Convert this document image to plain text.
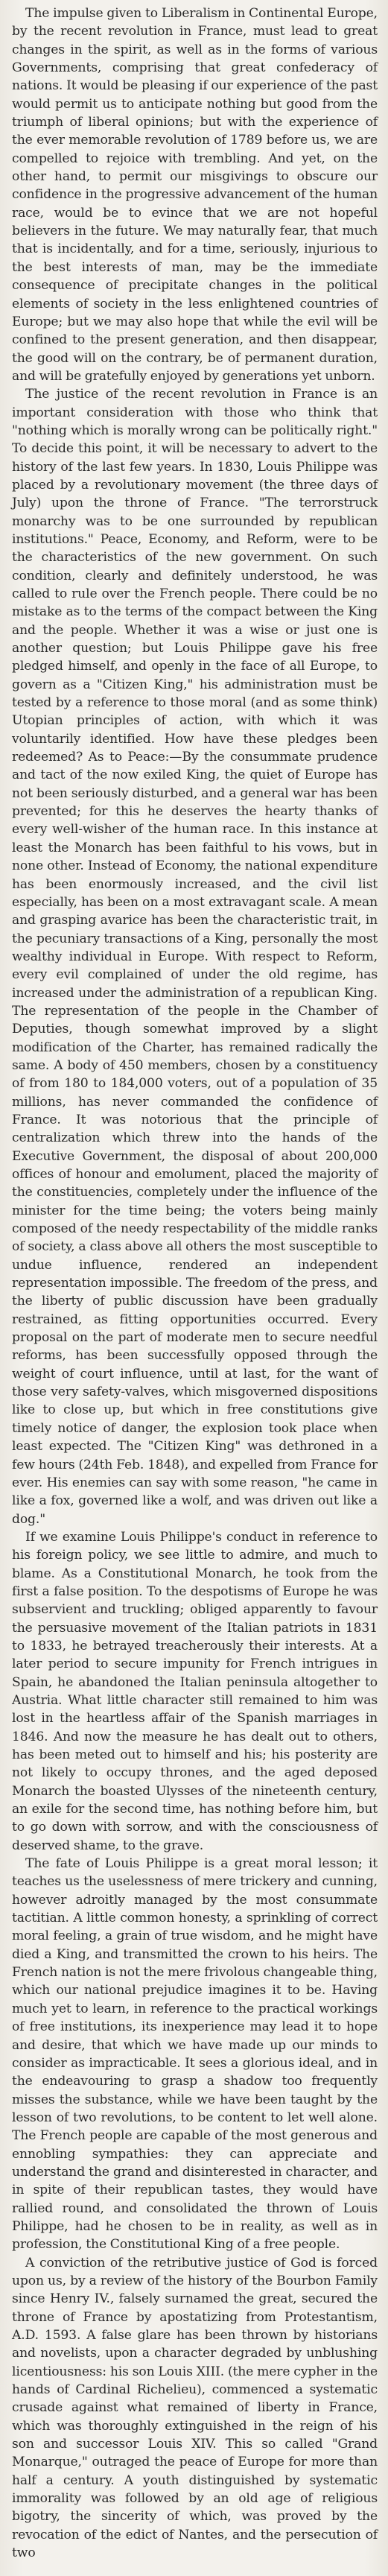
The impulse given to Liberalism in Continental Europe, by the recent revolution in France, must lead to great changes in the spirit, as well as in the forms of various Governments, comprising that great confederacy of nations. It would be pleasing if our experience of the past would permit us to anticipate nothing but good from the triumph of liberal opinions; but with the experience of the ever memorable revolution of 1789 before us, we are compelled to rejoice with trembling. And yet, on the other hand, to permit our misgivings to obscure our confidence in the progressive advancement of the human race, would be to evince that we are not hopeful believers in the future. We may naturally fear, that much that is incidentally, and for a time, seriously, injurious to the best interests of man, may be the immediate consequence of precipitate changes in the political elements of society in the less enlightened countries of Europe; but we may also hope that while the evil will be confined to the present generation, and then disappear, the good will on the contrary, be of permanent duration, and will be gratefully enjoyed by generations yet unborn.

The justice of the recent revolution in France is an important consideration with those who think that "nothing which is morally wrong can be politically right." To decide this point, it will be necessary to advert to the history of the last few years. In 1830, Louis Philippe was placed by a revolutionary movement (the three days of July) upon the throne of France. "The terrorstruck monarchy was to be one surrounded by republican institutions." Peace, Economy, and Reform, were to be the characteristics of the new government. On such condition, clearly and definitely understood, he was called to rule over the French people. There could be no mistake as to the terms of the compact between the King and the people. Whether it was a wise or just one is another question; but Louis Philippe gave his free pledged himself, and openly in the face of all Europe, to govern as a "Citizen King," his administration must be tested by a reference to those moral (and as some think) Utopian principles of action, with which it was voluntarily identified. How have these pledges been redeemed? As to Peace:—By the consummate prudence and tact of the now exiled King, the quiet of Europe has not been seriously disturbed, and a general war has been prevented; for this he deserves the hearty thanks of every well-wisher of the human race. In this instance at least the Monarch has been faithful to his vows, but in none other. Instead of Economy, the national expenditure has been enormously increased, and the civil list especially, has been on a most extravagant scale. A mean and grasping avarice has been the characteristic trait, in the pecuniary transactions of a King, personally the most wealthy individual in Europe. With respect to Reform, every evil complained of under the old regime, has increased under the administration of a republican King. The representation of the people in the Chamber of Deputies, though somewhat improved by a slight modification of the Charter, has remained radically the same. A body of 450 members, chosen by a constituency of from 180 to 184,000 voters, out of a population of 35 millions, has never commanded the confidence of France. It was notorious that the principle of centralization which threw into the hands of the Executive Government, the disposal of about 200,000 offices of honour and emolument, placed the majority of the constituencies, completely under the influence of the minister for the time being; the voters being mainly composed of the needy respectability of the middle ranks of society, a class above all others the most susceptible to undue influence, rendered an independent representation impossible. The freedom of the press, and the liberty of public discussion have been gradually restrained, as fitting opportunities occurred. Every proposal on the part of moderate men to secure needful reforms, has been successfully opposed through the weight of court influence, until at last, for the want of those very safety-valves, which misgoverned dispositions like to close up, but which in free constitutions give timely notice of danger, the explosion took place when least expected. The "Citizen King" was dethroned in a few hours (24th Feb. 1848), and expelled from France for ever. His enemies can say with some reason, "he came in like a fox, governed like a wolf, and was driven out like a dog."

If we examine Louis Philippe's conduct in reference to his foreign policy, we see little to admire, and much to blame. As a Constitutional Monarch, he took from the first a false position. To the despotisms of Europe he was subservient and truckling; obliged apparently to favour the persuasive movement of the Italian patriots in 1831 to 1833, he betrayed treacherously their interests. At a later period to secure impunity for French intrigues in Spain, he abandoned the Italian peninsula altogether to Austria. What little character still remained to him was lost in the heartless affair of the Spanish marriages in 1846. And now the measure he has dealt out to others, has been meted out to himself and his; his posterity are not likely to occupy thrones, and the aged deposed Monarch the boasted Ulysses of the nineteenth century, an exile for the second time, has nothing before him, but to go down with sorrow, and with the consciousness of deserved shame, to the grave.

The fate of Louis Philippe is a great moral lesson; it teaches us the uselessness of mere trickery and cunning, however adroitly managed by the most consummate tactitian. A little common honesty, a sprinkling of correct moral feeling, a grain of true wisdom, and he might have died a King, and transmitted the crown to his heirs. The French nation is not the mere frivolous changeable thing, which our national prejudice imagines it to be. Having much yet to learn, in reference to the practical workings of free institutions, its inexperience may lead it to hope and desire, that which we have made up our minds to consider as impracticable. It sees a glorious ideal, and in the endeavouring to grasp a shadow too frequently misses the substance, while we have been taught by the lesson of two revolutions, to be content to let well alone. The French people are capable of the most generous and ennobling sympathies: they can appreciate and understand the grand and disinterested in character, and in spite of their republican tastes, they would have rallied round, and consolidated the thrown of Louis Philippe, had he chosen to be in reality, as well as in profession, the Constitutional King of a free people.

A conviction of the retributive justice of God is forced upon us, by a review of the history of the Bourbon Family since Henry IV., falsely surnamed the great, secured the throne of France by apostatizing from Protestantism, A.D. 1593. A false glare has been thrown by historians and novelists, upon a character degraded by unblushing licentiousness: his son Louis XIII. (the mere cypher in the hands of Cardinal Richelieu), commenced a systematic crusade against what remained of liberty in France, which was thoroughly extinguished in the reign of his son and successor Louis XIV. This so called "Grand Monarque," outraged the peace of Europe for more than half a century. A youth distinguished by systematic immorality was followed by an old age of religious bigotry, the sincerity of which, was proved by the revocation of the edict of Nantes, and the persecution of two
